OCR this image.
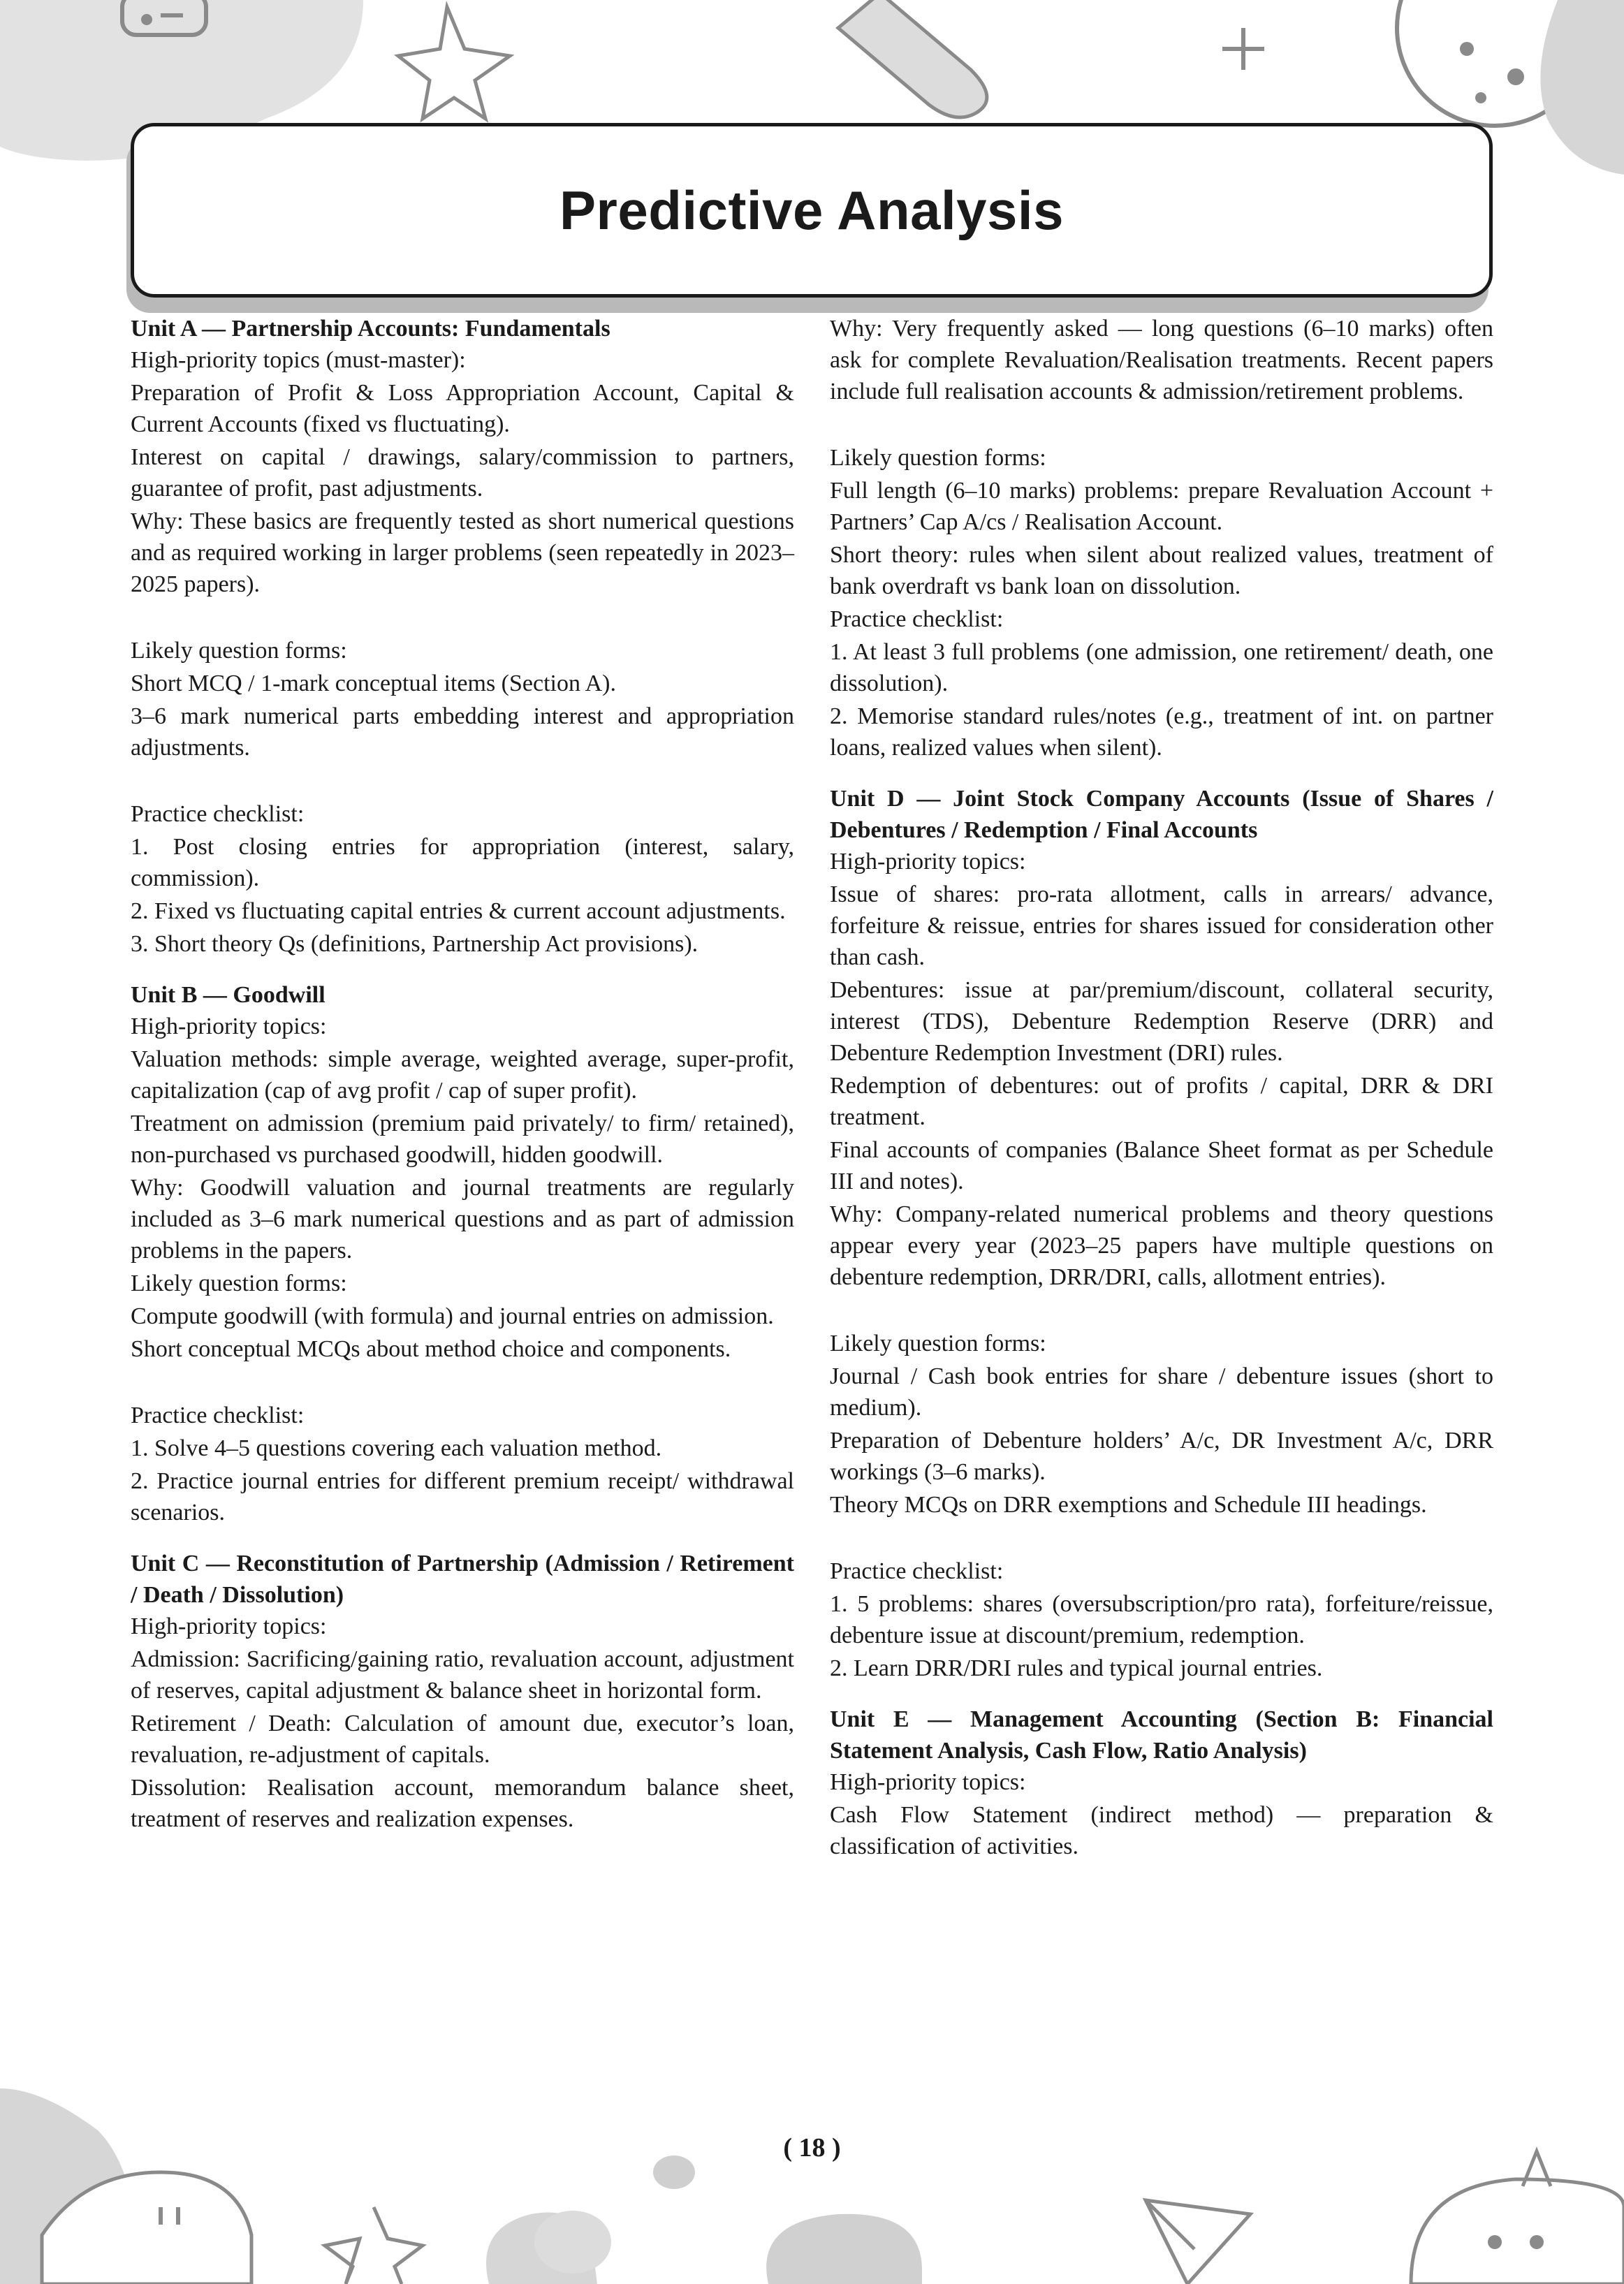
Predictive Analysis

Unit A — Partnership Accounts: Fundamentals

High-priority topics (must-master):

Preparation of Profit & Loss Appropriation Account, Capital & Current Accounts (fixed vs fluctuating).

Interest on capital / drawings, salary/commission to partners, guarantee of profit, past adjustments.

Why: These basics are frequently tested as short numerical questions and as required working in larger problems (seen repeatedly in 2023–2025 papers).

Likely question forms:

Short MCQ / 1-mark conceptual items (Section A).

3–6 mark numerical parts embedding interest and appropriation adjustments.

Practice checklist:

1. Post closing entries for appropriation (interest, salary, commission).

2. Fixed vs fluctuating capital entries & current account adjustments.

3. Short theory Qs (definitions, Partnership Act provisions).

Unit B — Goodwill

High-priority topics:

Valuation methods: simple average, weighted average, super-profit, capitalization (cap of avg profit / cap of super profit).

Treatment on admission (premium paid privately/ to firm/ retained), non-purchased vs purchased goodwill, hidden goodwill.

Why: Goodwill valuation and journal treatments are regularly included as 3–6 mark numerical questions and as part of admission problems in the papers.

Likely question forms:

Compute goodwill (with formula) and journal entries on admission.

Short conceptual MCQs about method choice and components.

Practice checklist:

1. Solve 4–5 questions covering each valuation method.

2. Practice journal entries for different premium receipt/ withdrawal scenarios.

Unit C — Reconstitution of Partnership (Admission / Retirement / Death / Dissolution)

High-priority topics:

Admission: Sacrificing/gaining ratio, revaluation account, adjustment of reserves, capital adjustment & balance sheet in horizontal form.

Retirement / Death: Calculation of amount due, executor’s loan, revaluation, re-adjustment of capitals.

Dissolution: Realisation account, memorandum balance sheet, treatment of reserves and realization expenses.

Why: Very frequently asked — long questions (6–10 marks) often ask for complete Revaluation/Realisation treatments. Recent papers include full realisation accounts & admission/retirement problems.

Likely question forms:

Full length (6–10 marks) problems: prepare Revaluation Account + Partners’ Cap A/cs / Realisation Account.

Short theory: rules when silent about realized values, treatment of bank overdraft vs bank loan on dissolution.

Practice checklist:

1. At least 3 full problems (one admission, one retirement/ death, one dissolution).

2. Memorise standard rules/notes (e.g., treatment of int. on partner loans, realized values when silent).

Unit D — Joint Stock Company Accounts (Issue of Shares / Debentures / Redemption / Final Accounts

High-priority topics:

Issue of shares: pro-rata allotment, calls in arrears/ advance, forfeiture & reissue, entries for shares issued for consideration other than cash.

Debentures: issue at par/premium/discount, collateral security, interest (TDS), Debenture Redemption Reserve (DRR) and Debenture Redemption Investment (DRI) rules.

Redemption of debentures: out of profits / capital, DRR & DRI treatment.

Final accounts of companies (Balance Sheet format as per Schedule III and notes).

Why: Company-related numerical problems and theory questions appear every year (2023–25 papers have multiple questions on debenture redemption, DRR/DRI, calls, allotment entries).

Likely question forms:

Journal / Cash book entries for share / debenture issues (short to medium).

Preparation of Debenture holders’ A/c, DR Investment A/c, DRR workings (3–6 marks).

Theory MCQs on DRR exemptions and Schedule III headings.

Practice checklist:

1. 5 problems: shares (oversubscription/pro rata), forfeiture/reissue, debenture issue at discount/premium, redemption.

2. Learn DRR/DRI rules and typical journal entries.

Unit E — Management Accounting (Section B: Financial Statement Analysis, Cash Flow, Ratio Analysis)

High-priority topics:

Cash Flow Statement (indirect method) — preparation & classification of activities.

( 18 )
